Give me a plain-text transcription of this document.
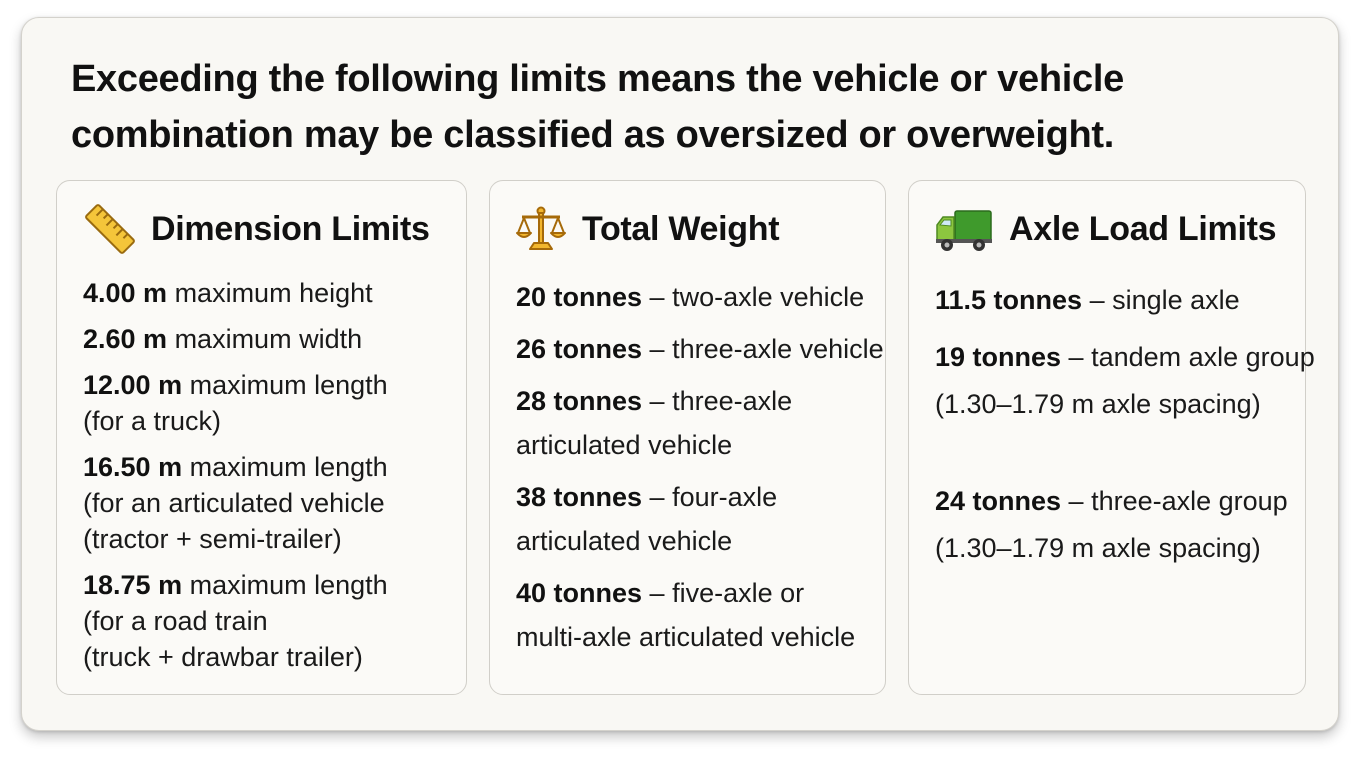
Exceeding the following limits means the vehicle or vehicle combination may be classified as oversized or overweight.
Dimension Limits
4.00 m maximum height
2.60 m maximum width
12.00 m maximum length
(for a truck)
16.50 m maximum length
(for an articulated vehicle
(tractor + semi-trailer)
18.75 m maximum length
(for a road train
(truck + drawbar trailer)
Total Weight
20 tonnes – two-axle vehicle
26 tonnes – three-axle vehicle
28 tonnes – three-axle
articulated vehicle
38 tonnes – four-axle
articulated vehicle
40 tonnes – five-axle or
multi-axle articulated vehicle
Axle Load Limits
11.5 tonnes – single axle
19 tonnes – tandem axle group
(1.30–1.79 m axle spacing)
24 tonnes – three-axle group
(1.30–1.79 m axle spacing)
